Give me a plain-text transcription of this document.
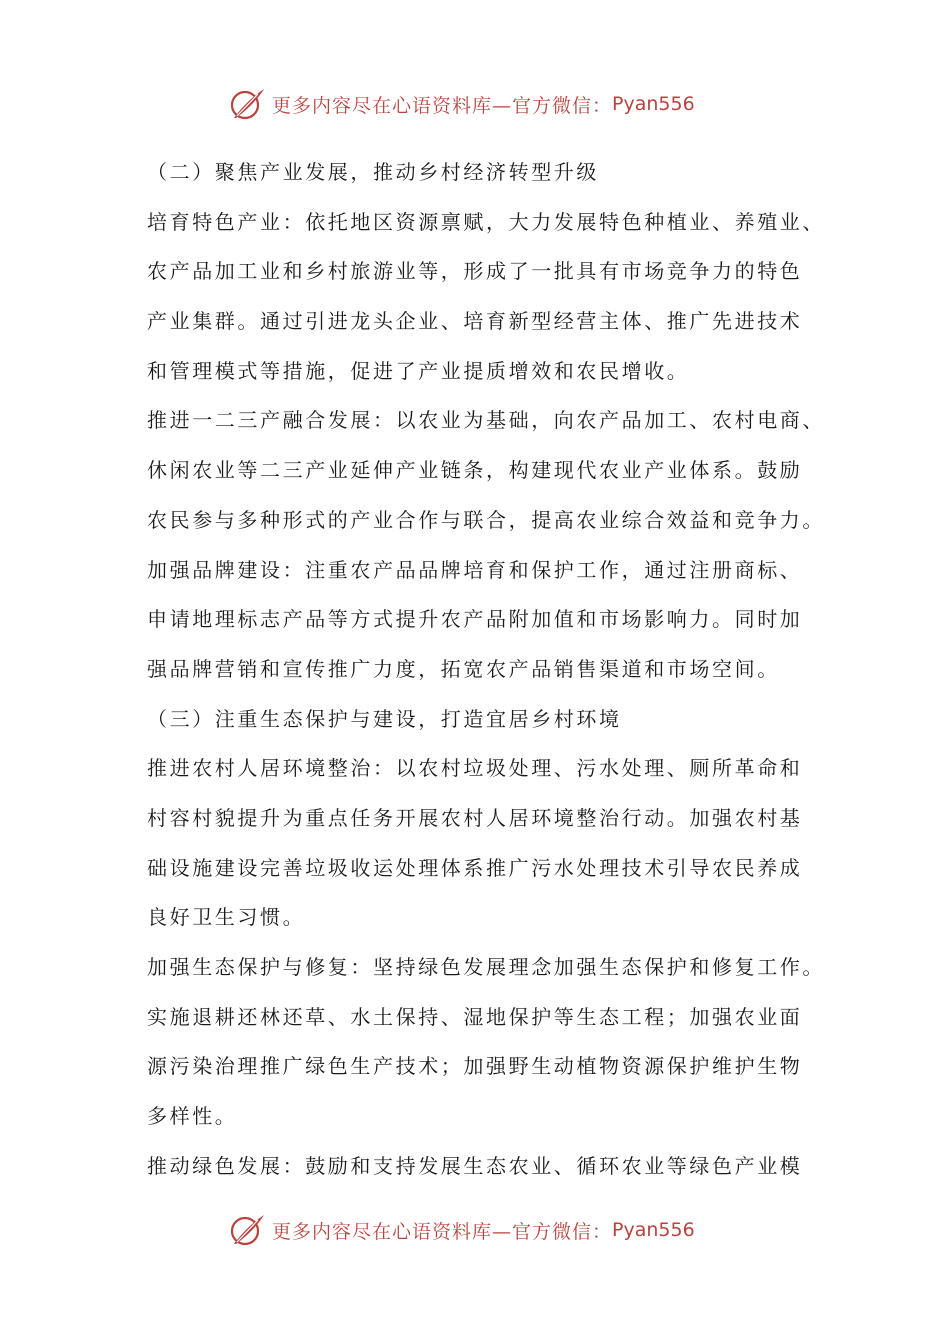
更多内容尽在心语资料库—官方微信： Pyan556
（二）聚焦产业发展，推动乡村经济转型升级
培育特色产业：依托地区资源禀赋，大力发展特色种植业、养殖业、
农产品加工业和乡村旅游业等，形成了一批具有市场竞争力的特色
产业集群。通过引进龙头企业、培育新型经营主体、推广先进技术
和管理模式等措施，促进了产业提质增效和农民增收。
推进一二三产融合发展：以农业为基础，向农产品加工、农村电商、
休闲农业等二三产业延伸产业链条，构建现代农业产业体系。鼓励
农民参与多种形式的产业合作与联合，提高农业综合效益和竞争力。
加强品牌建设：注重农产品品牌培育和保护工作，通过注册商标、
申请地理标志产品等方式提升农产品附加值和市场影响力。同时加
强品牌营销和宣传推广力度，拓宽农产品销售渠道和市场空间。
（三）注重生态保护与建设，打造宜居乡村环境
推进农村人居环境整治：以农村垃圾处理、污水处理、厕所革命和
村容村貌提升为重点任务开展农村人居环境整治行动。加强农村基
础设施建设完善垃圾收运处理体系推广污水处理技术引导农民养成
良好卫生习惯。
加强生态保护与修复：坚持绿色发展理念加强生态保护和修复工作。
实施退耕还林还草、水土保持、湿地保护等生态工程；加强农业面
源污染治理推广绿色生产技术；加强野生动植物资源保护维护生物
多样性。
推动绿色发展：鼓励和支持发展生态农业、循环农业等绿色产业模
更多内容尽在心语资料库—官方微信： Pyan556
